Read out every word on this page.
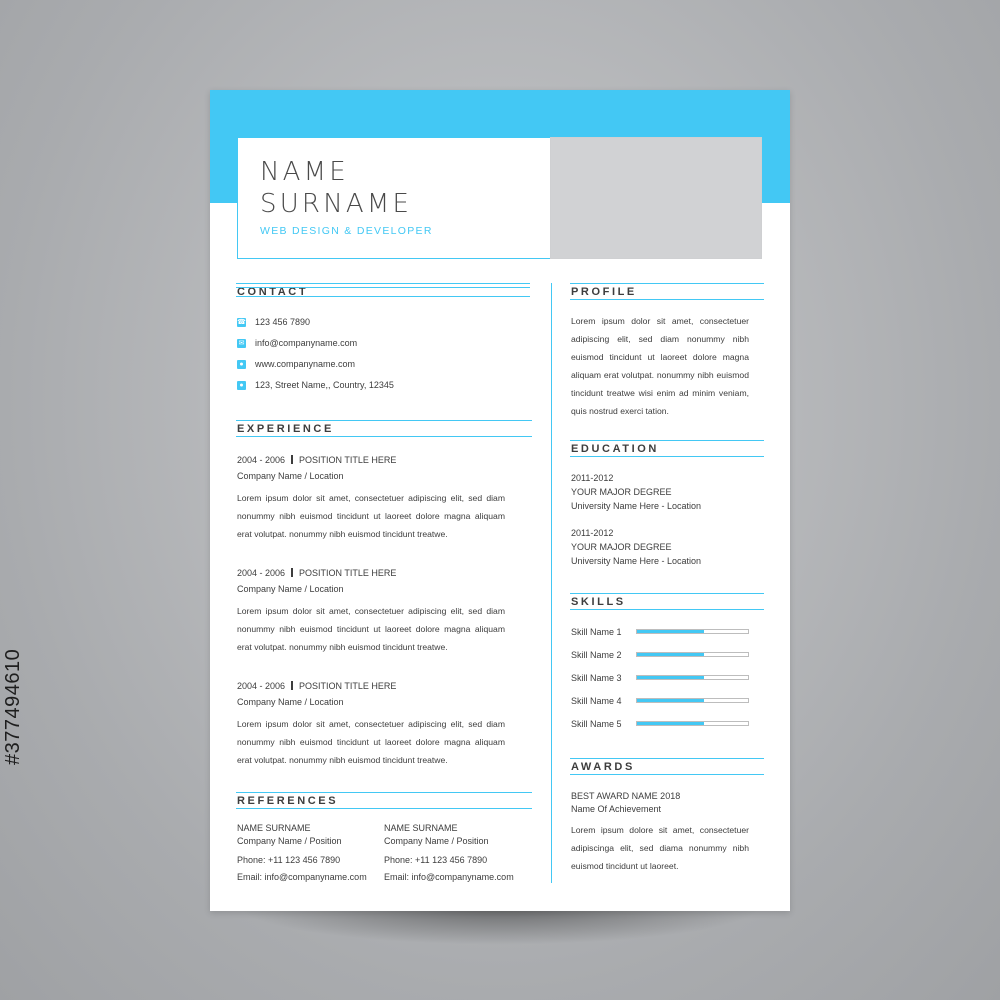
#377494610
NAME
SURNAME
WEB DESIGN & DEVELOPER
CONTACT
☎ 123 456 7890
✉ info@companyname.com
● www.companyname.com
● 123, Street Name,, Country, 12345
EXPERIENCE
2004 - 2006 POSITION TITLE HERE
Company Name / Location
Lorem ipsum dolor sit amet, consectetuer adipiscing elit, sed diam nonummy nibh euismod tincidunt ut laoreet dolore magna aliquam erat volutpat. nonummy nibh euismod tincidunt treatwe.
2004 - 2006 POSITION TITLE HERE
Company Name / Location
Lorem ipsum dolor sit amet, consectetuer adipiscing elit, sed diam nonummy nibh euismod tincidunt ut laoreet dolore magna aliquam erat volutpat. nonummy nibh euismod tincidunt treatwe.
2004 - 2006 POSITION TITLE HERE
Company Name / Location
Lorem ipsum dolor sit amet, consectetuer adipiscing elit, sed diam nonummy nibh euismod tincidunt ut laoreet dolore magna aliquam erat volutpat. nonummy nibh euismod tincidunt treatwe.
REFERENCES
NAME SURNAME
Company Name / Position
Phone: +11 123 456 7890
Email: info@companyname.com
NAME SURNAME
Company Name / Position
Phone: +11 123 456 7890
Email: info@companyname.com
PROFILE
Lorem ipsum dolor sit amet, consectetuer adipiscing elit, sed diam nonummy nibh euismod tincidunt ut laoreet dolore magna aliquam erat volutpat. nonummy nibh euismod tincidunt treatwe wisi enim ad minim veniam, quis nostrud exerci tation.
EDUCATION
2011-2012
YOUR MAJOR DEGREE
University Name Here - Location
2011-2012
YOUR MAJOR DEGREE
University Name Here - Location
SKILLS
Skill Name 1
Skill Name 2
Skill Name 3
Skill Name 4
Skill Name 5
AWARDS
BEST AWARD NAME 2018
Name Of Achievement
Lorem ipsum dolore sit amet, consectetuer adipiscinga elit, sed diama nonummy nibh euismod tincidunt ut laoreet.
